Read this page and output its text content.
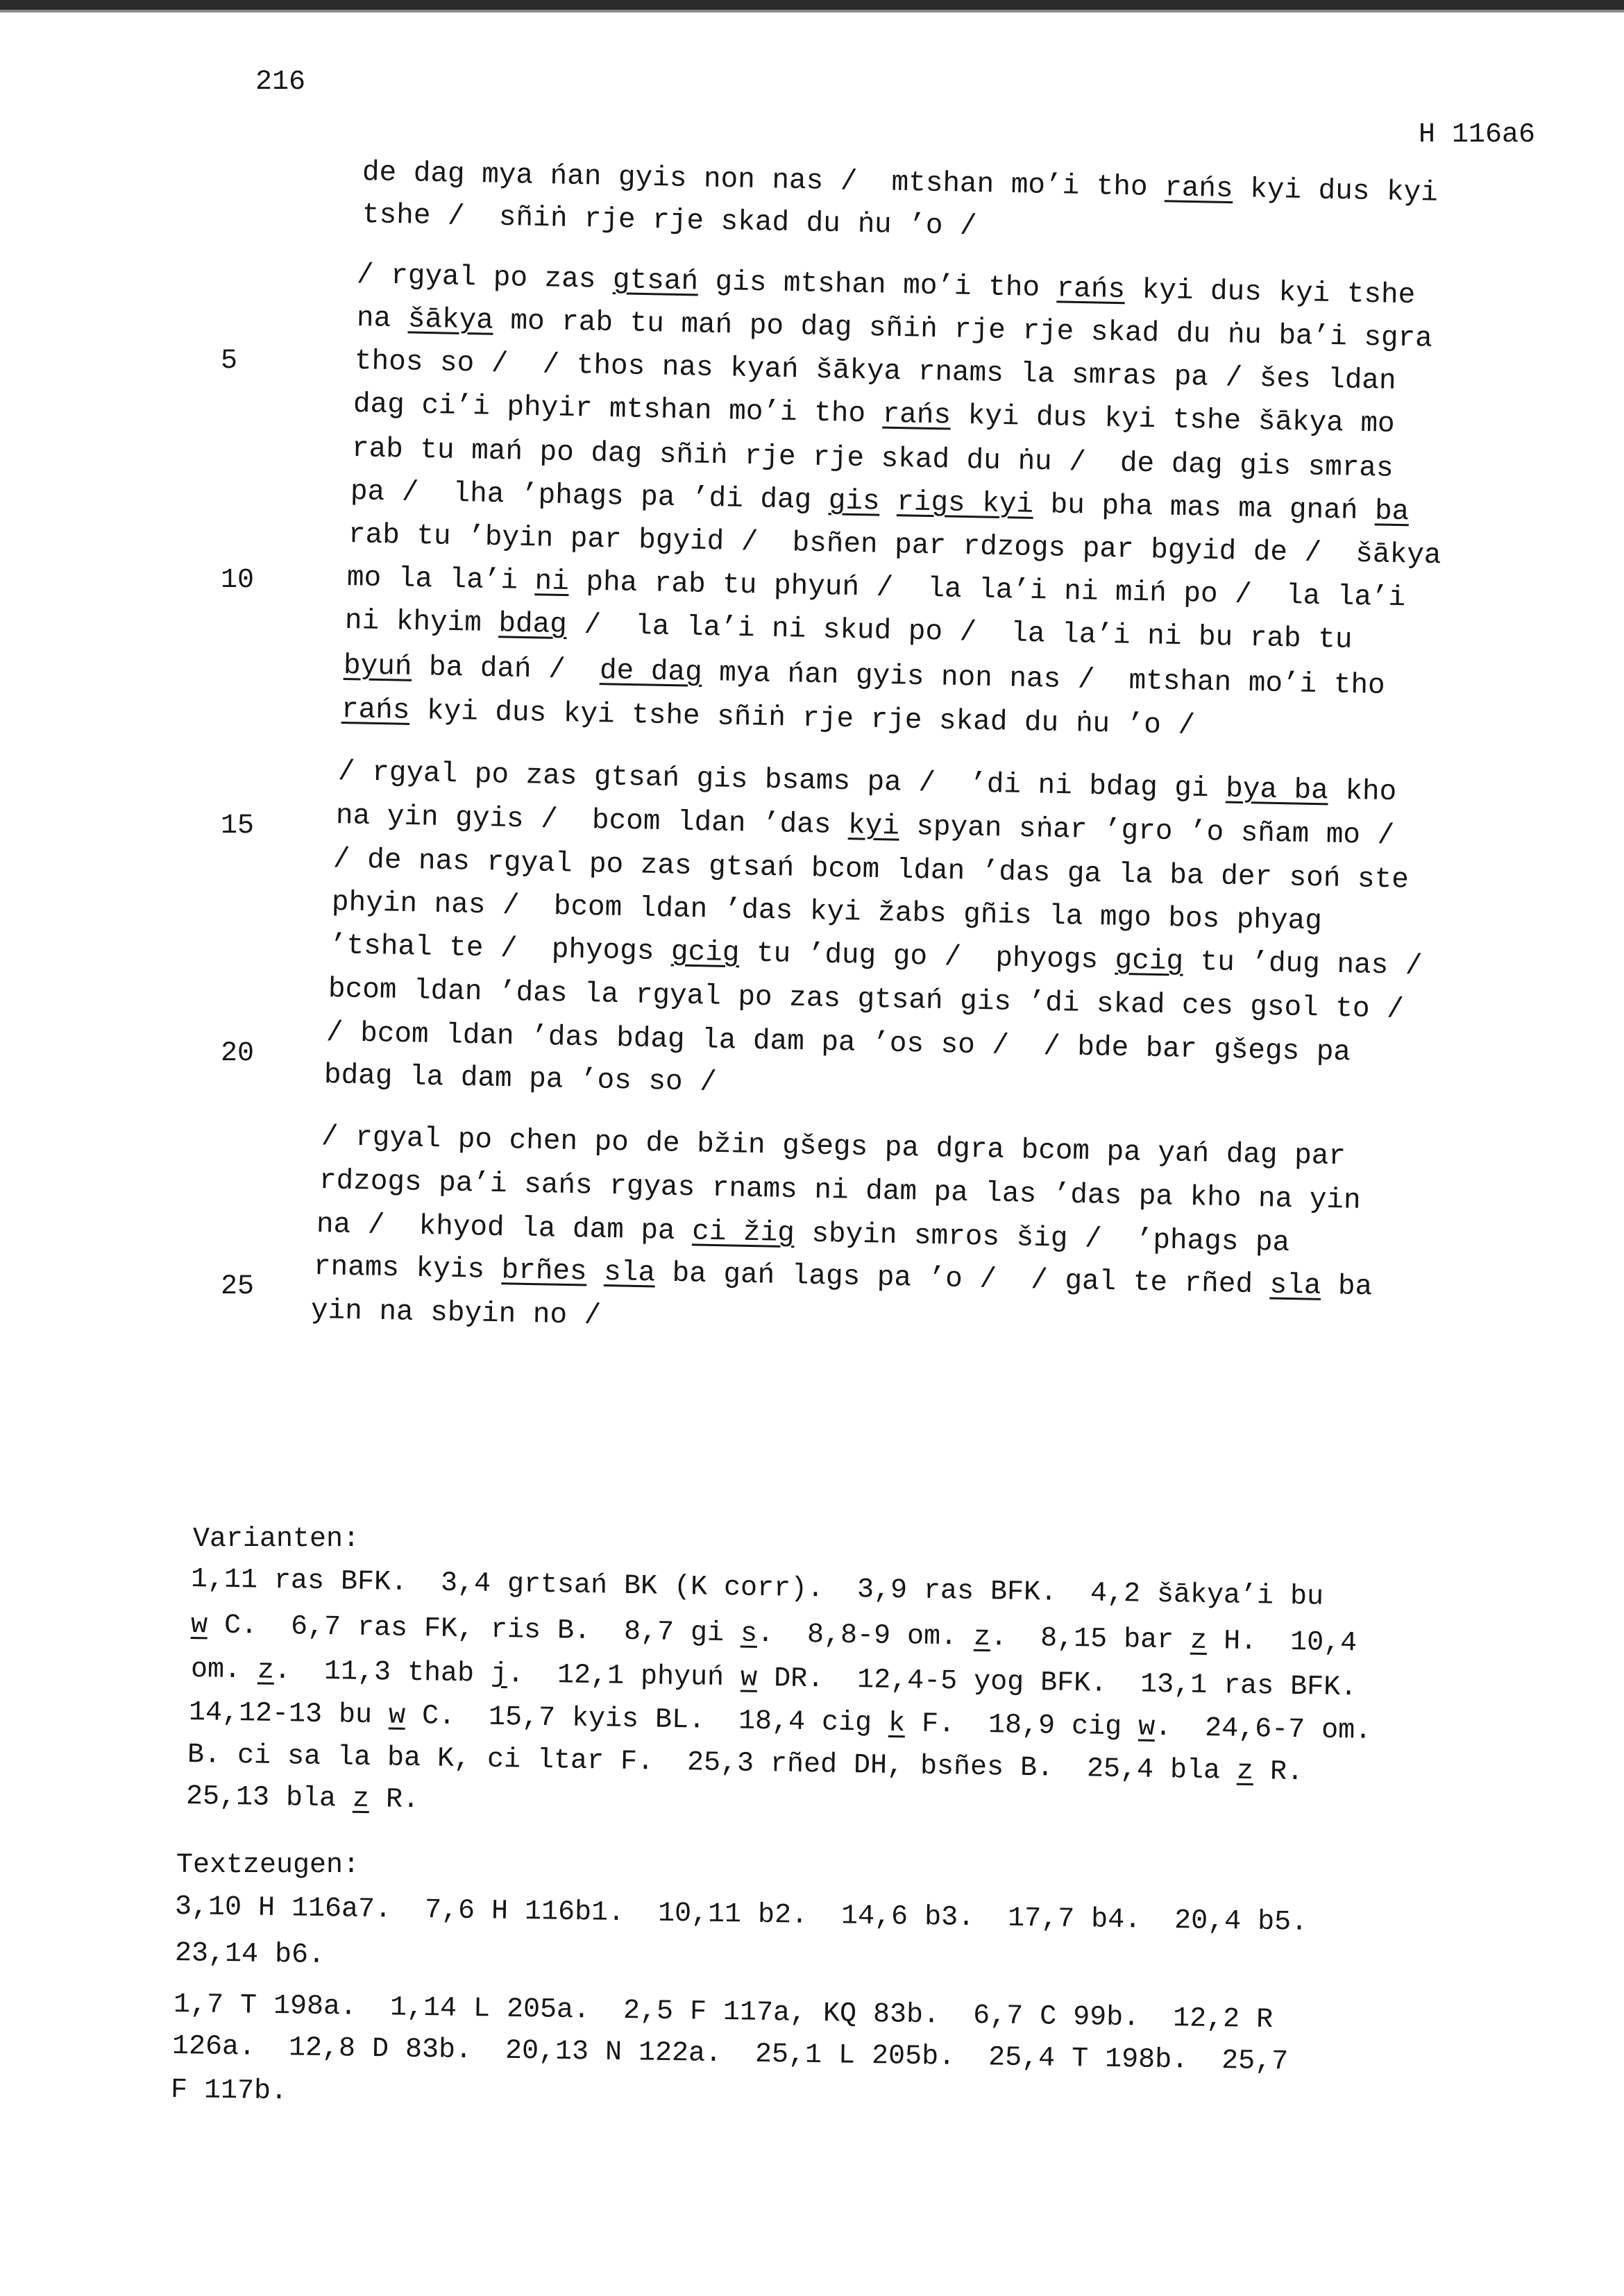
216
H 116a6
de dag mya ńan gyis non nas /  mtshan mo’i tho rańs kyi dus kyi
tshe /  sñiṅ rje rje skad du ṅu ’o /
/ rgyal po zas gtsań gis mtshan mo’i tho rańs kyi dus kyi tshe
na šākya mo rab tu mań po dag sñiṅ rje rje skad du ṅu ba’i sgra
thos so /  / thos nas kyań šākya rnams la smras pa / šes ldan
dag ci’i phyir mtshan mo’i tho rańs kyi dus kyi tshe šākya mo
rab tu mań po dag sñiṅ rje rje skad du ṅu /  de dag gis smras
pa /  lha ’phags pa ’di dag gis rigs kyi bu pha mas ma gnań ba
rab tu ’byin par bgyid /  bsñen par rdzogs par bgyid de /  šākya
mo la la’i ni pha rab tu phyuń /  la la’i ni miń po /  la la’i
ni khyim bdag /  la la’i ni skud po /  la la’i ni bu rab tu
byuń ba dań /  de dag mya ńan gyis non nas /  mtshan mo’i tho
rańs kyi dus kyi tshe sñiṅ rje rje skad du ṅu ’o /
/ rgyal po zas gtsań gis bsams pa /  ’di ni bdag gi bya ba kho
na yin gyis /  bcom ldan ’das kyi spyan sṅar ’gro ’o sñam mo /
/ de nas rgyal po zas gtsań bcom ldan ’das ga la ba der soń ste
phyin nas /  bcom ldan ’das kyi žabs gñis la mgo bos phyag
’tshal te /  phyogs gcig tu ’dug go /  phyogs gcig tu ’dug nas /
bcom ldan ’das la rgyal po zas gtsań gis ’di skad ces gsol to /
/ bcom ldan ’das bdag la dam pa ’os so /  / bde bar gšegs pa
bdag la dam pa ’os so /
/ rgyal po chen po de bžin gšegs pa dgra bcom pa yań dag par
rdzogs pa’i sańs rgyas rnams ni dam pa las ’das pa kho na yin
na /  khyod la dam pa ci žig sbyin smros šig /  ’phags pa
rnams kyis brñes sla ba gań lags pa ’o /  / gal te rñed sla ba
yin na sbyin no /
5
10
15
20
25
Varianten:
1,11 ras BFK.  3,4 grtsań BK (K corr).  3,9 ras BFK.  4,2 šākya’i bu
w C.  6,7 ras FK, ris B.  8,7 gi s.  8,8-9 om. z.  8,15 bar z H.  10,4
om. z.  11,3 thab j.  12,1 phyuń w DR.  12,4-5 yog BFK.  13,1 ras BFK.
14,12-13 bu w C.  15,7 kyis BL.  18,4 cig k F.  18,9 cig w.  24,6-7 om.
B. ci sa la ba K, ci ltar F.  25,3 rñed DH, bsñes B.  25,4 bla z R.
25,13 bla z R.
Textzeugen:
3,10 H 116a7.  7,6 H 116b1.  10,11 b2.  14,6 b3.  17,7 b4.  20,4 b5.
23,14 b6.
1,7 T 198a.  1,14 L 205a.  2,5 F 117a, KQ 83b.  6,7 C 99b.  12,2 R
126a.  12,8 D 83b.  20,13 N 122a.  25,1 L 205b.  25,4 T 198b.  25,7
F 117b.
